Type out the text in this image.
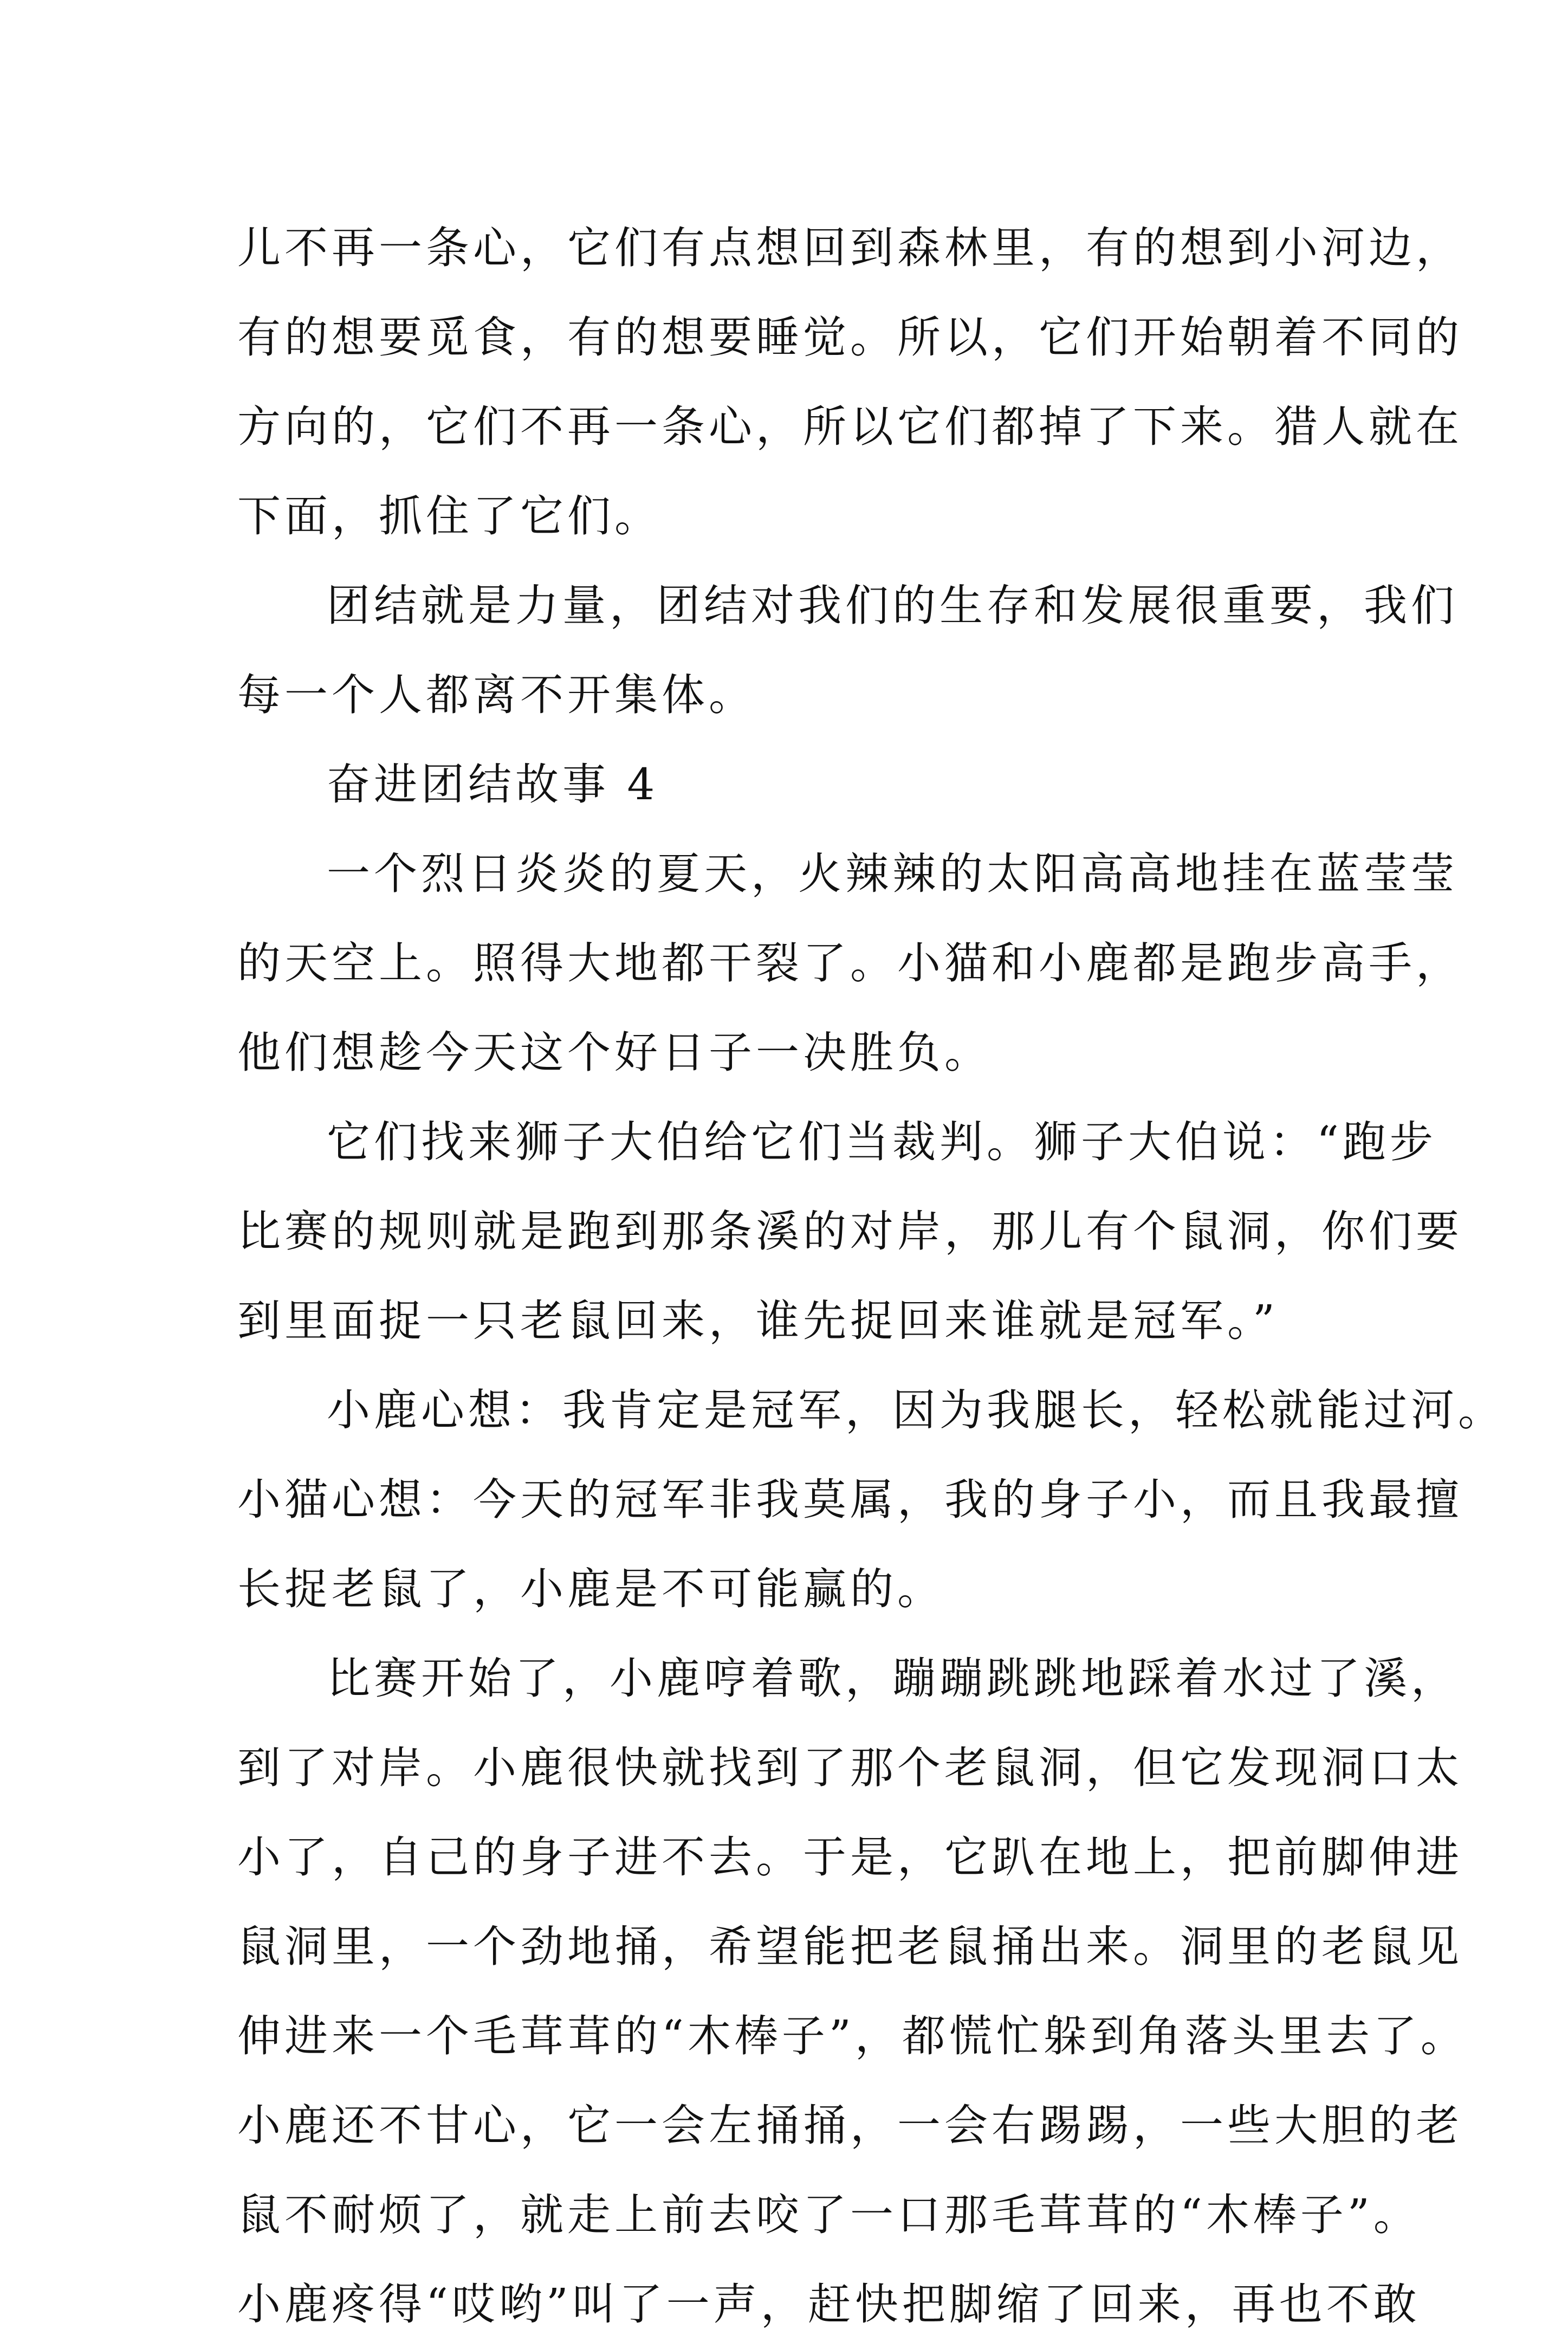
儿不再一条心，它们有点想回到森林里，有的想到小河边，
有的想要觅食，有的想要睡觉。所以，它们开始朝着不同的
方向的，它们不再一条心，所以它们都掉了下来。猎人就在
下面，抓住了它们。
团结就是力量，团结对我们的生存和发展很重要，我们
每一个人都离不开集体。
奋进团结故事 4
一个烈日炎炎的夏天，火辣辣的太阳高高地挂在蓝莹莹
的天空上。照得大地都干裂了。小猫和小鹿都是跑步高手，
他们想趁今天这个好日子一决胜负。
它们找来狮子大伯给它们当裁判。狮子大伯说：“跑步
比赛的规则就是跑到那条溪的对岸，那儿有个鼠洞，你们要
到里面捉一只老鼠回来，谁先捉回来谁就是冠军。”
小鹿心想：我肯定是冠军，因为我腿长，轻松就能过河。
小猫心想：今天的冠军非我莫属，我的身子小，而且我最擅
长捉老鼠了，小鹿是不可能赢的。
比赛开始了，小鹿哼着歌，蹦蹦跳跳地踩着水过了溪，
到了对岸。小鹿很快就找到了那个老鼠洞，但它发现洞口太
小了，自己的身子进不去。于是，它趴在地上，把前脚伸进
鼠洞里，一个劲地捅，希望能把老鼠捅出来。洞里的老鼠见
伸进来一个毛茸茸的“木棒子”，都慌忙躲到角落头里去了。
小鹿还不甘心，它一会左捅捅，一会右踢踢，一些大胆的老
鼠不耐烦了，就走上前去咬了一口那毛茸茸的“木棒子”。
小鹿疼得“哎哟”叫了一声，赶快把脚缩了回来，再也不敢
